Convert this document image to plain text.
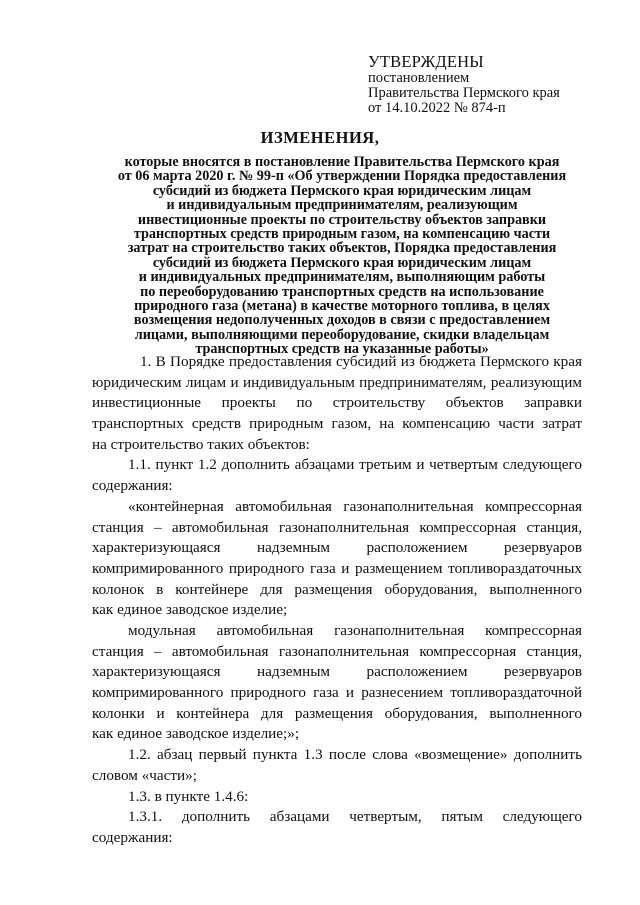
УТВЕРЖДЕНЫ
постановлением
Правительства Пермского края
от 14.10.2022 № 874-п
ИЗМЕНЕНИЯ,
которые вносятся в постановление Правительства Пермского края
от 06 марта 2020 г. № 99-п «Об утверждении Порядка предоставления
субсидий из бюджета Пермского края юридическим лицам
и индивидуальным предпринимателям, реализующим
инвестиционные проекты по строительству объектов заправки
транспортных средств природным газом, на компенсацию части
затрат на строительство таких объектов, Порядка предоставления
субсидий из бюджета Пермского края юридическим лицам
и индивидуальных предпринимателям, выполняющим работы
по переоборудованию транспортных средств на использование
природного газа (метана) в качестве моторного топлива, в целях
возмещения недополученных доходов в связи с предоставлением
лицами, выполняющими переоборудование, скидки владельцам
транспортных средств на указанные работы»
1. В Порядке предоставления субсидий из бюджета Пермского края
юридическим лицам и индивидуальным предпринимателям, реализующим
инвестиционные проекты по строительству объектов заправки
транспортных средств природным газом, на компенсацию части затрат
на строительство таких объектов:
1.1. пункт 1.2 дополнить абзацами третьим и четвертым следующего
содержания:
«контейнерная автомобильная газонаполнительная компрессорная
станция – автомобильная газонаполнительная компрессорная станция,
характеризующаяся надземным расположением резервуаров
компримированного природного газа и размещением топливораздаточных
колонок в контейнере для размещения оборудования, выполненного
как единое заводское изделие;
модульная автомобильная газонаполнительная компрессорная
станция – автомобильная газонаполнительная компрессорная станция,
характеризующаяся надземным расположением резервуаров
компримированного природного газа и разнесением топливораздаточной
колонки и контейнера для размещения оборудования, выполненного
как единое заводское изделие;»;
1.2. абзац первый пункта 1.3 после слова «возмещение» дополнить
словом «части»;
1.3. в пункте 1.4.6:
1.3.1. дополнить абзацами четвертым, пятым следующего
содержания:
